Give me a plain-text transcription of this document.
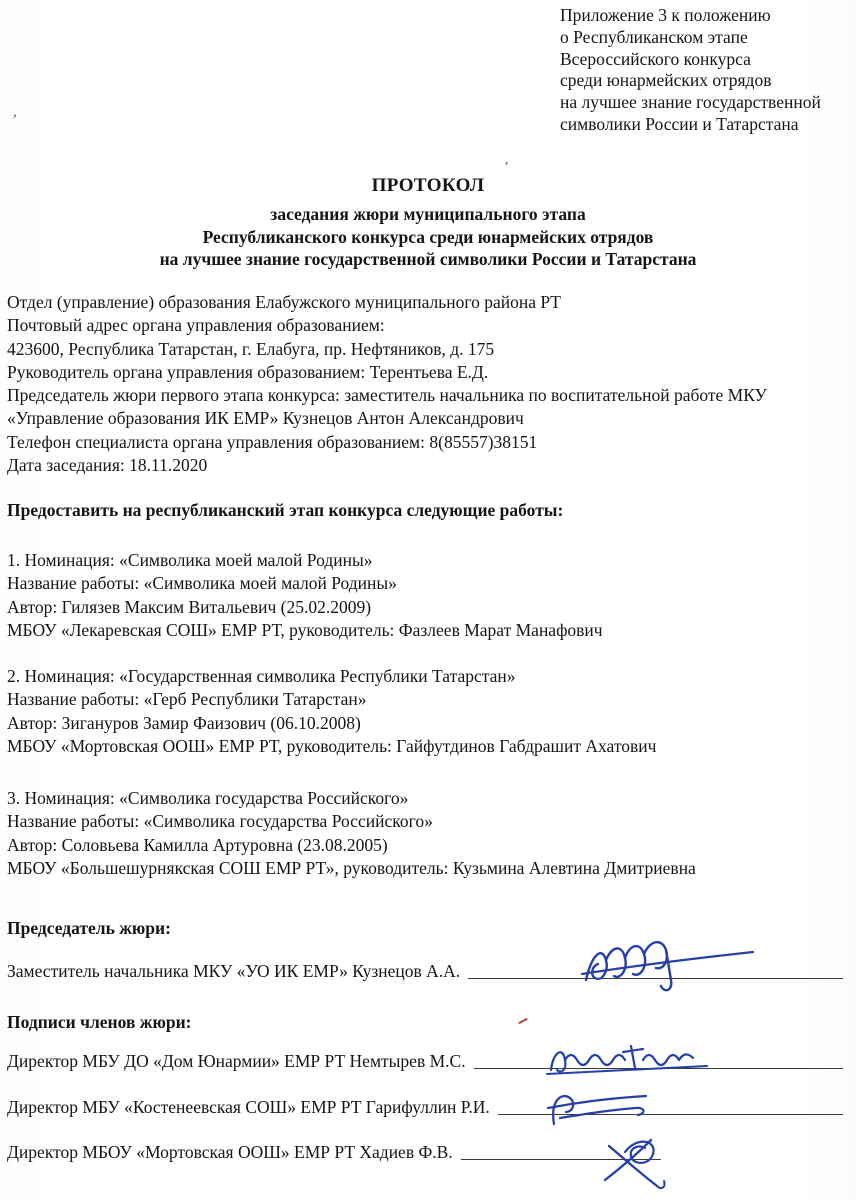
Приложение 3 к положению
о Республиканском этапе
Всероссийского конкурса
среди юнармейских отрядов
на лучшее знание государственной
символики России и Татарстана
‚
’
ПРОТОКОЛ
заседания жюри муниципального этапа
Республиканского конкурса среди юнармейских отрядов
на лучшее знание государственной символики России и Татарстана
Отдел (управление) образования Елабужского муниципального района РТ
Почтовый адрес органа управления образованием:
423600, Республика Татарстан, г. Елабуга, пр. Нефтяников, д. 175
Руководитель органа управления образованием: Терентьева Е.Д.
Председатель жюри первого этапа конкурса: заместитель начальника по воспитательной работе МКУ
«Управление образования ИК ЕМР» Кузнецов Антон Александрович
Телефон специалиста органа управления образованием: 8(85557)38151
Дата заседания: 18.11.2020
Предоставить на республиканский этап конкурса следующие работы:
1. Номинация: «Символика моей малой Родины»
Название работы: «Символика моей малой Родины»
Автор: Гилязев Максим Витальевич (25.02.2009)
МБОУ «Лекаревская СОШ» ЕМР РТ, руководитель: Фазлеев Марат Манафович
2. Номинация: «Государственная символика Республики Татарстан»
Название работы: «Герб Республики Татарстан»
Автор: Зигануров Замир Фаизович (06.10.2008)
МБОУ «Мортовская ООШ» ЕМР РТ, руководитель: Гайфутдинов Габдрашит Ахатович
3. Номинация: «Символика государства Российского»
Название работы: «Символика государства Российского»
Автор: Соловьева Камилла Артуровна (23.08.2005)
МБОУ «Большешурнякская СОШ ЕМР РТ», руководитель: Кузьмина Алевтина Дмитриевна
Председатель жюри:
Заместитель начальника МКУ «УО ИК ЕМР» Кузнецов А.А.
Подписи членов жюри:
Директор МБУ ДО «Дом Юнармии» ЕМР РТ Немтырев М.С.
Директор МБУ «Костенеевская СОШ» ЕМР РТ Гарифуллин Р.И.
Директор МБОУ «Мортовская ООШ» ЕМР РТ Хадиев Ф.В.
